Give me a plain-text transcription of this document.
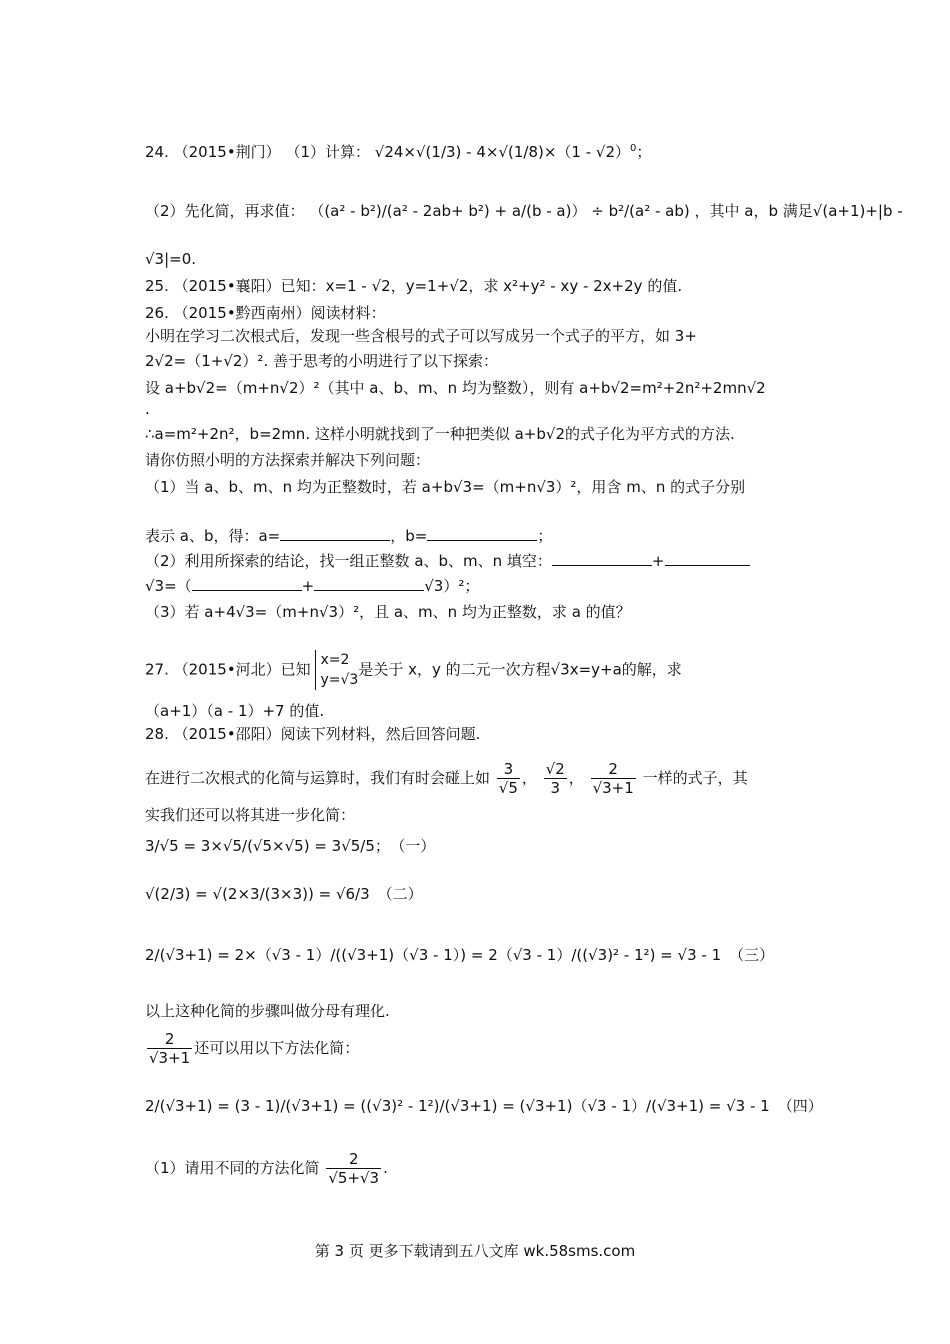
24. （2015•荆门） （1）计算： √24×√(1/3) - 4×√(1/8)×（1 - √2）$^0$；
（2）先化简，再求值： （(a² - b²)/(a² - 2ab+ b²) + a/(b - a)） ÷ b²/(a² - ab) ，其中 a，b 满足√(a+1)+|b -
√3|=0.
25. （2015•襄阳）已知：x=1 - √2，y=1+√2，求 x²+y² - xy - 2x+2y 的值.
26. （2015•黔西南州）阅读材料：
小明在学习二次根式后，发现一些含根号的式子可以写成另一个式子的平方，如 3+
2√2=（1+√2）². 善于思考的小明进行了以下探索：
设 a+b√2=（m+n√2）²（其中 a、b、m、n 均为整数），则有 a+b√2=m²+2n²+2mn√2
.
∴a=m²+2n²，b=2mn. 这样小明就找到了一种把类似 a+b√2的式子化为平方式的方法.
请你仿照小明的方法探索并解决下列问题：
（1）当 a、b、m、n 均为正整数时，若 a+b√3=（m+n√3）²，用含 m、n 的式子分别
表示 a、b，得：a=	，b=	；
（2）利用所探索的结论，找一组正整数 a、b、m、n 填空：	+
√3=（	+	√3）²；
（3）若 a+4√3=（m+n√3）²，且 a、m、n 均为正整数，求 a 的值？
27. （2015•河北）已知
x=2
y=√3
是关于 x，y 的二元一次方程√3x=y+a的解，求
（a+1）（a - 1）+7 的值.
28. （2015•邵阳）阅读下列材料，然后回答问题.
在进行二次根式的化简与运算时，我们有时会碰上如 $\frac{3}{√5}$ ， $\frac{√2}{3}$ ， $\frac{2}{√3+1}$ 一样的式子，其
实我们还可以将其进一步化简：
3/√5 = 3×√5/(√5×√5) = 3√5/5； （一）
√(2/3) = √(2×3/(3×3)) = √6/3 （二）
2/(√3+1) = 2×（√3 - 1）/((√3+1)（√3 - 1）) = 2（√3 - 1）/((√3)² - 1²) = √3 - 1 （三）
以上这种化简的步骤叫做分母有理化.
$\frac{2}{√3+1}$ 还可以用以下方法化简：
2/(√3+1) = (3 - 1)/(√3+1) = ((√3)² - 1²)/(√3+1) = (√3+1)（√3 - 1）/(√3+1) = √3 - 1 （四）
（1）请用不同的方法化简 $\frac{2}{√5+√3}$ .
第 3 页 更多下载请到五八文库 wk.58sms.com
